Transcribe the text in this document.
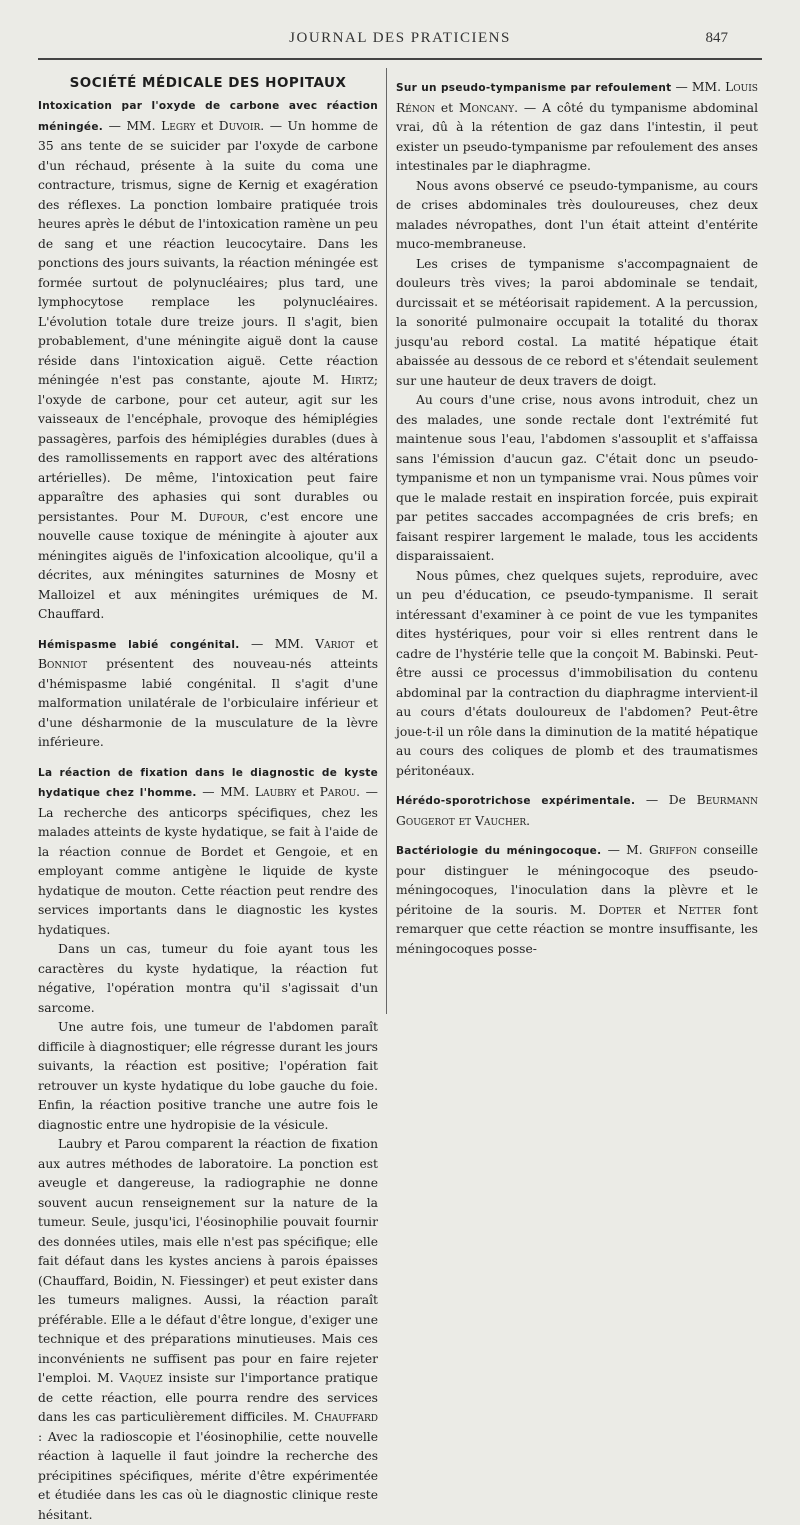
JOURNAL DES PRATICIENS	847
SOCIÉTÉ MÉDICALE DES HOPITAUX

Intoxication par l'oxyde de carbone avec réaction méningée. — MM. Legry et Duvoir. — Un homme de 35 ans tente de se suicider par l'oxyde de carbone d'un réchaud, présente à la suite du coma une contracture, trismus, signe de Kernig et exagération des réflexes. La ponction lombaire pratiquée trois heures après le début de l'intoxication ramène un peu de sang et une réaction leucocytaire. Dans les ponctions des jours suivants, la réaction méningée est formée surtout de polynucléaires; plus tard, une lymphocytose remplace les polynucléaires. L'évolution totale dure treize jours. Il s'agit, bien probablement, d'une méningite aiguë dont la cause réside dans l'intoxication aiguë. Cette réaction méningée n'est pas constante, ajoute M. Hirtz; l'oxyde de carbone, pour cet auteur, agit sur les vaisseaux de l'encéphale, provoque des hémiplégies passagères, parfois des hémiplégies durables (dues à des ramollissements en rapport avec des altérations artérielles). De même, l'intoxication peut faire apparaître des aphasies qui sont durables ou persistantes. Pour M. Dufour, c'est encore une nouvelle cause toxique de méningite à ajouter aux méningites aiguës de l'infoxication alcoolique, qu'il a décrites, aux méningites saturnines de Mosny et Malloizel et aux méningites urémiques de M. Chauffard.

Hémispasme labié congénital. — MM. Variot et Bonniot présentent des nouveau-nés atteints d'hémispasme labié congénital. Il s'agit d'une malformation unilatérale de l'orbiculaire inférieur et d'une désharmonie de la musculature de la lèvre inférieure.

La réaction de fixation dans le diagnostic de kyste hydatique chez l'homme. — MM. Laubry et Parou. — La recherche des anticorps spécifiques, chez les malades atteints de kyste hydatique, se fait à l'aide de la réaction connue de Bordet et Gengoie, et en employant comme antigène le liquide de kyste hydatique de mouton. Cette réaction peut rendre des services importants dans le diagnostic les kystes hydatiques.

Dans un cas, tumeur du foie ayant tous les caractères du kyste hydatique, la réaction fut négative, l'opération montra qu'il s'agissait d'un sarcome.

Une autre fois, une tumeur de l'abdomen paraît difficile à diagnostiquer; elle régresse durant les jours suivants, la réaction est positive; l'opération fait retrouver un kyste hydatique du lobe gauche du foie. Enfin, la réaction positive tranche une autre fois le diagnostic entre une hydropisie de la vésicule.

Laubry et Parou comparent la réaction de fixation aux autres méthodes de laboratoire. La ponction est aveugle et dangereuse, la radiographie ne donne souvent aucun renseignement sur la nature de la tumeur. Seule, jusqu'ici, l'éosinophilie pouvait fournir des données utiles, mais elle n'est pas spécifique; elle fait défaut dans les kystes anciens à parois épaisses (Chauffard, Boidin, N. Fiessinger) et peut exister dans les tumeurs malignes. Aussi, la réaction paraît préférable. Elle a le défaut d'être longue, d'exiger une technique et des préparations minutieuses. Mais ces inconvénients ne suffisent pas pour en faire rejeter l'emploi. M. Vaquez insiste sur l'importance pratique de cette réaction, elle pourra rendre des services dans les cas particulièrement difficiles. M. Chauffard : Avec la radioscopie et l'éosinophilie, cette nouvelle réaction à laquelle il faut joindre la recherche des précipitines spécifiques, mérite d'être expérimentée et étudiée dans les cas où le diagnostic clinique reste hésitant.

Sur un pseudo-tympanisme par refoulement — MM. Louis Rénon et Moncany. — A côté du tympanisme abdominal vrai, dû à la rétention de gaz dans l'intestin, il peut exister un pseudo-tympanisme par refoulement des anses intestinales par le diaphragme.

Nous avons observé ce pseudo-tympanisme, au cours de crises abdominales très douloureuses, chez deux malades névropathes, dont l'un était atteint d'entérite muco-membraneuse.

Les crises de tympanisme s'accompagnaient de douleurs très vives; la paroi abdominale se tendait, durcissait et se météorisait rapidement. A la percussion, la sonorité pulmonaire occupait la totalité du thorax jusqu'au rebord costal. La matité hépatique était abaissée au dessous de ce rebord et s'étendait seulement sur une hauteur de deux travers de doigt.

Au cours d'une crise, nous avons introduit, chez un des malades, une sonde rectale dont l'extrémité fut maintenue sous l'eau, l'abdomen s'assouplit et s'affaissa sans l'émission d'aucun gaz. C'était donc un pseudo-tympanisme et non un tympanisme vrai. Nous pûmes voir que le malade restait en inspiration forcée, puis expirait par petites saccades accompagnées de cris brefs; en faisant respirer largement le malade, tous les accidents disparaissaient.

Nous pûmes, chez quelques sujets, reproduire, avec un peu d'éducation, ce pseudo-tympanisme. Il serait intéressant d'examiner à ce point de vue les tympanites dites hystériques, pour voir si elles rentrent dans le cadre de l'hystérie telle que la conçoit M. Babinski. Peut-être aussi ce processus d'immobilisation du contenu abdominal par la contraction du diaphragme intervient-il au cours d'états douloureux de l'abdomen? Peut-être joue-t-il un rôle dans la diminution de la matité hépatique au cours des coliques de plomb et des traumatismes péritonéaux.

Hérédo-sporotrichose expérimentale. — De Beurmann Gougerot et Vaucher.

Bactériologie du méningocoque. — M. Griffon conseille pour distinguer le méningocoque des pseudo-méningocoques, l'inoculation dans la plèvre et le péritoine de la souris. M. Dopter et Netter font remarquer que cette réaction se montre insuffisante, les méningocoques posse-
